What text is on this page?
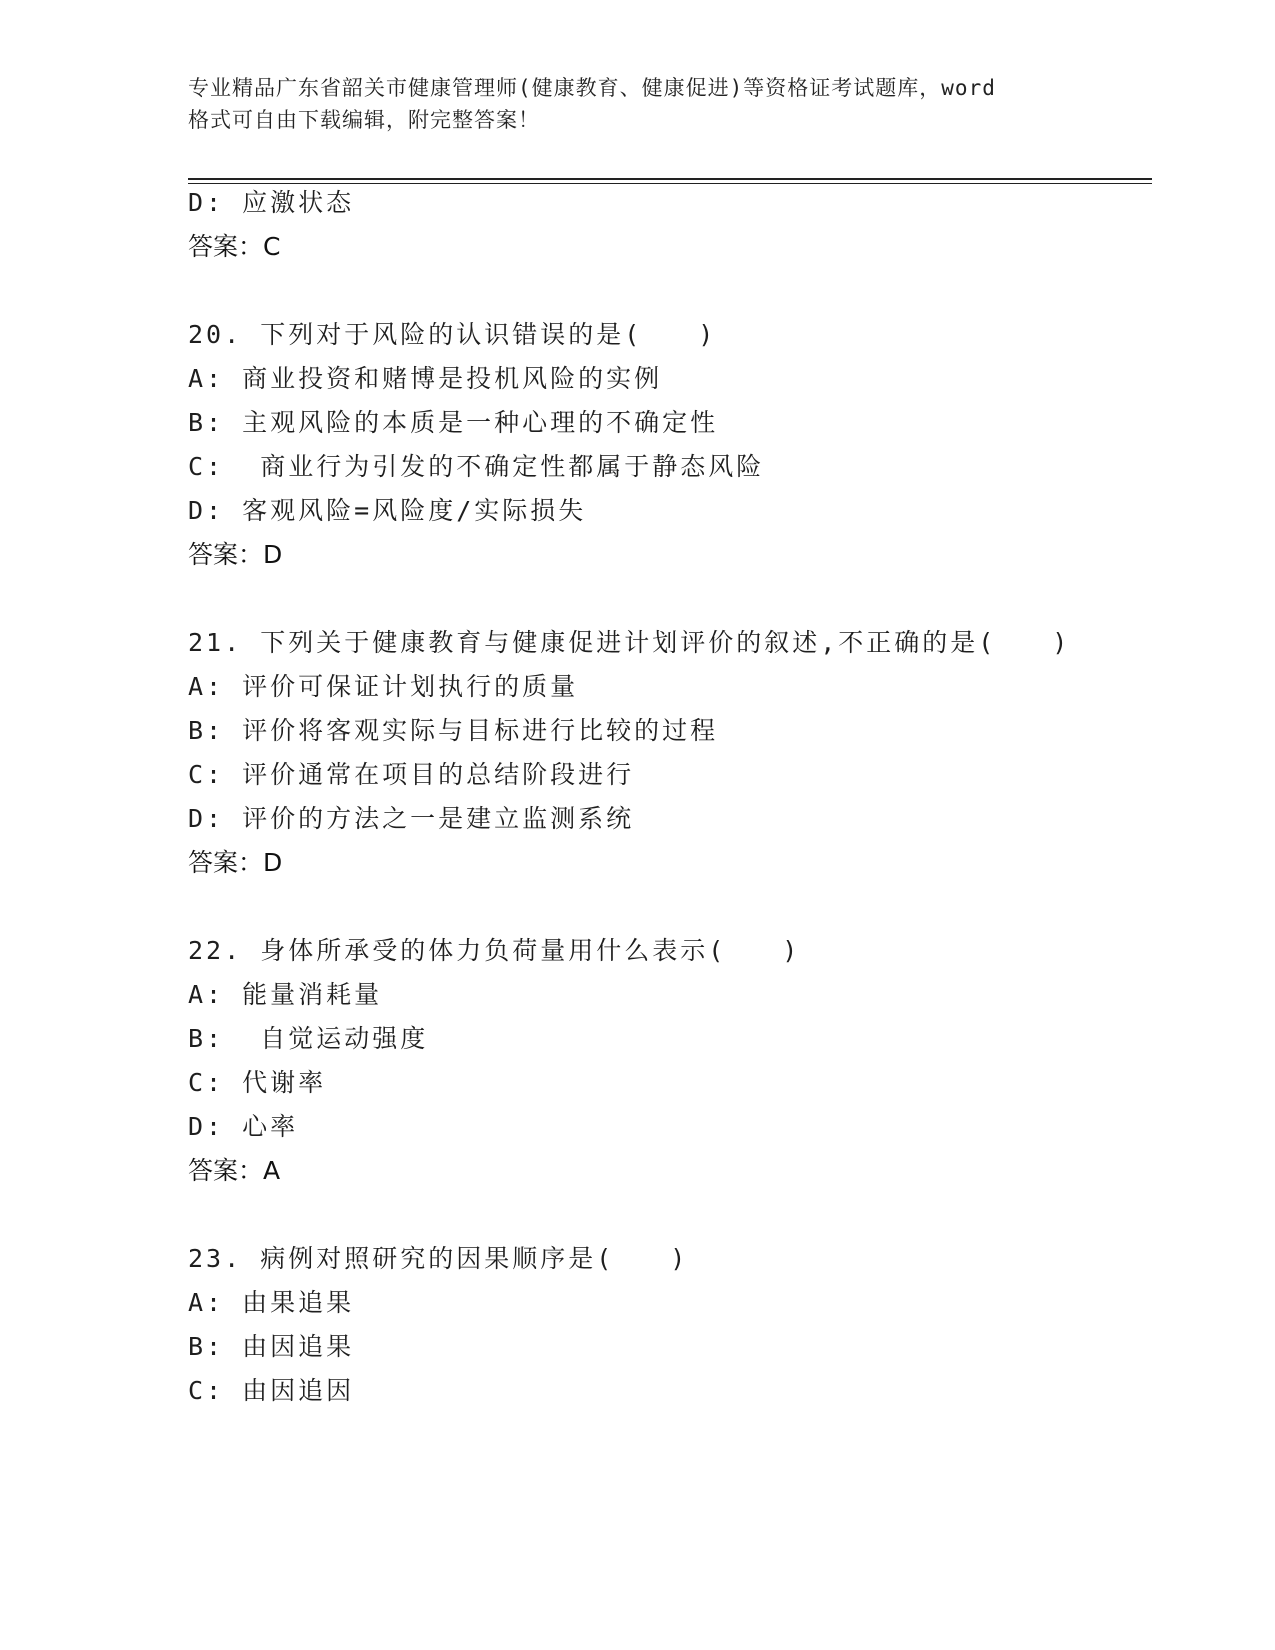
专业精品广东省韶关市健康管理师(健康教育、健康促进)等资格证考试题库，word
格式可自由下载编辑，附完整答案！
D: 应激状态
答案：C
20. 下列对于风险的认识错误的是(　　)
A: 商业投资和赌博是投机风险的实例
B: 主观风险的本质是一种心理的不确定性
C:  商业行为引发的不确定性都属于静态风险
D: 客观风险=风险度/实际损失
答案：D
21. 下列关于健康教育与健康促进计划评价的叙述,不正确的是(　　)
A: 评价可保证计划执行的质量
B: 评价将客观实际与目标进行比较的过程
C: 评价通常在项目的总结阶段进行
D: 评价的方法之一是建立监测系统
答案：D
22. 身体所承受的体力负荷量用什么表示(　　)
A: 能量消耗量
B:  自觉运动强度
C: 代谢率
D: 心率
答案：A
23. 病例对照研究的因果顺序是(　　)
A: 由果追果
B: 由因追果
C: 由因追因
